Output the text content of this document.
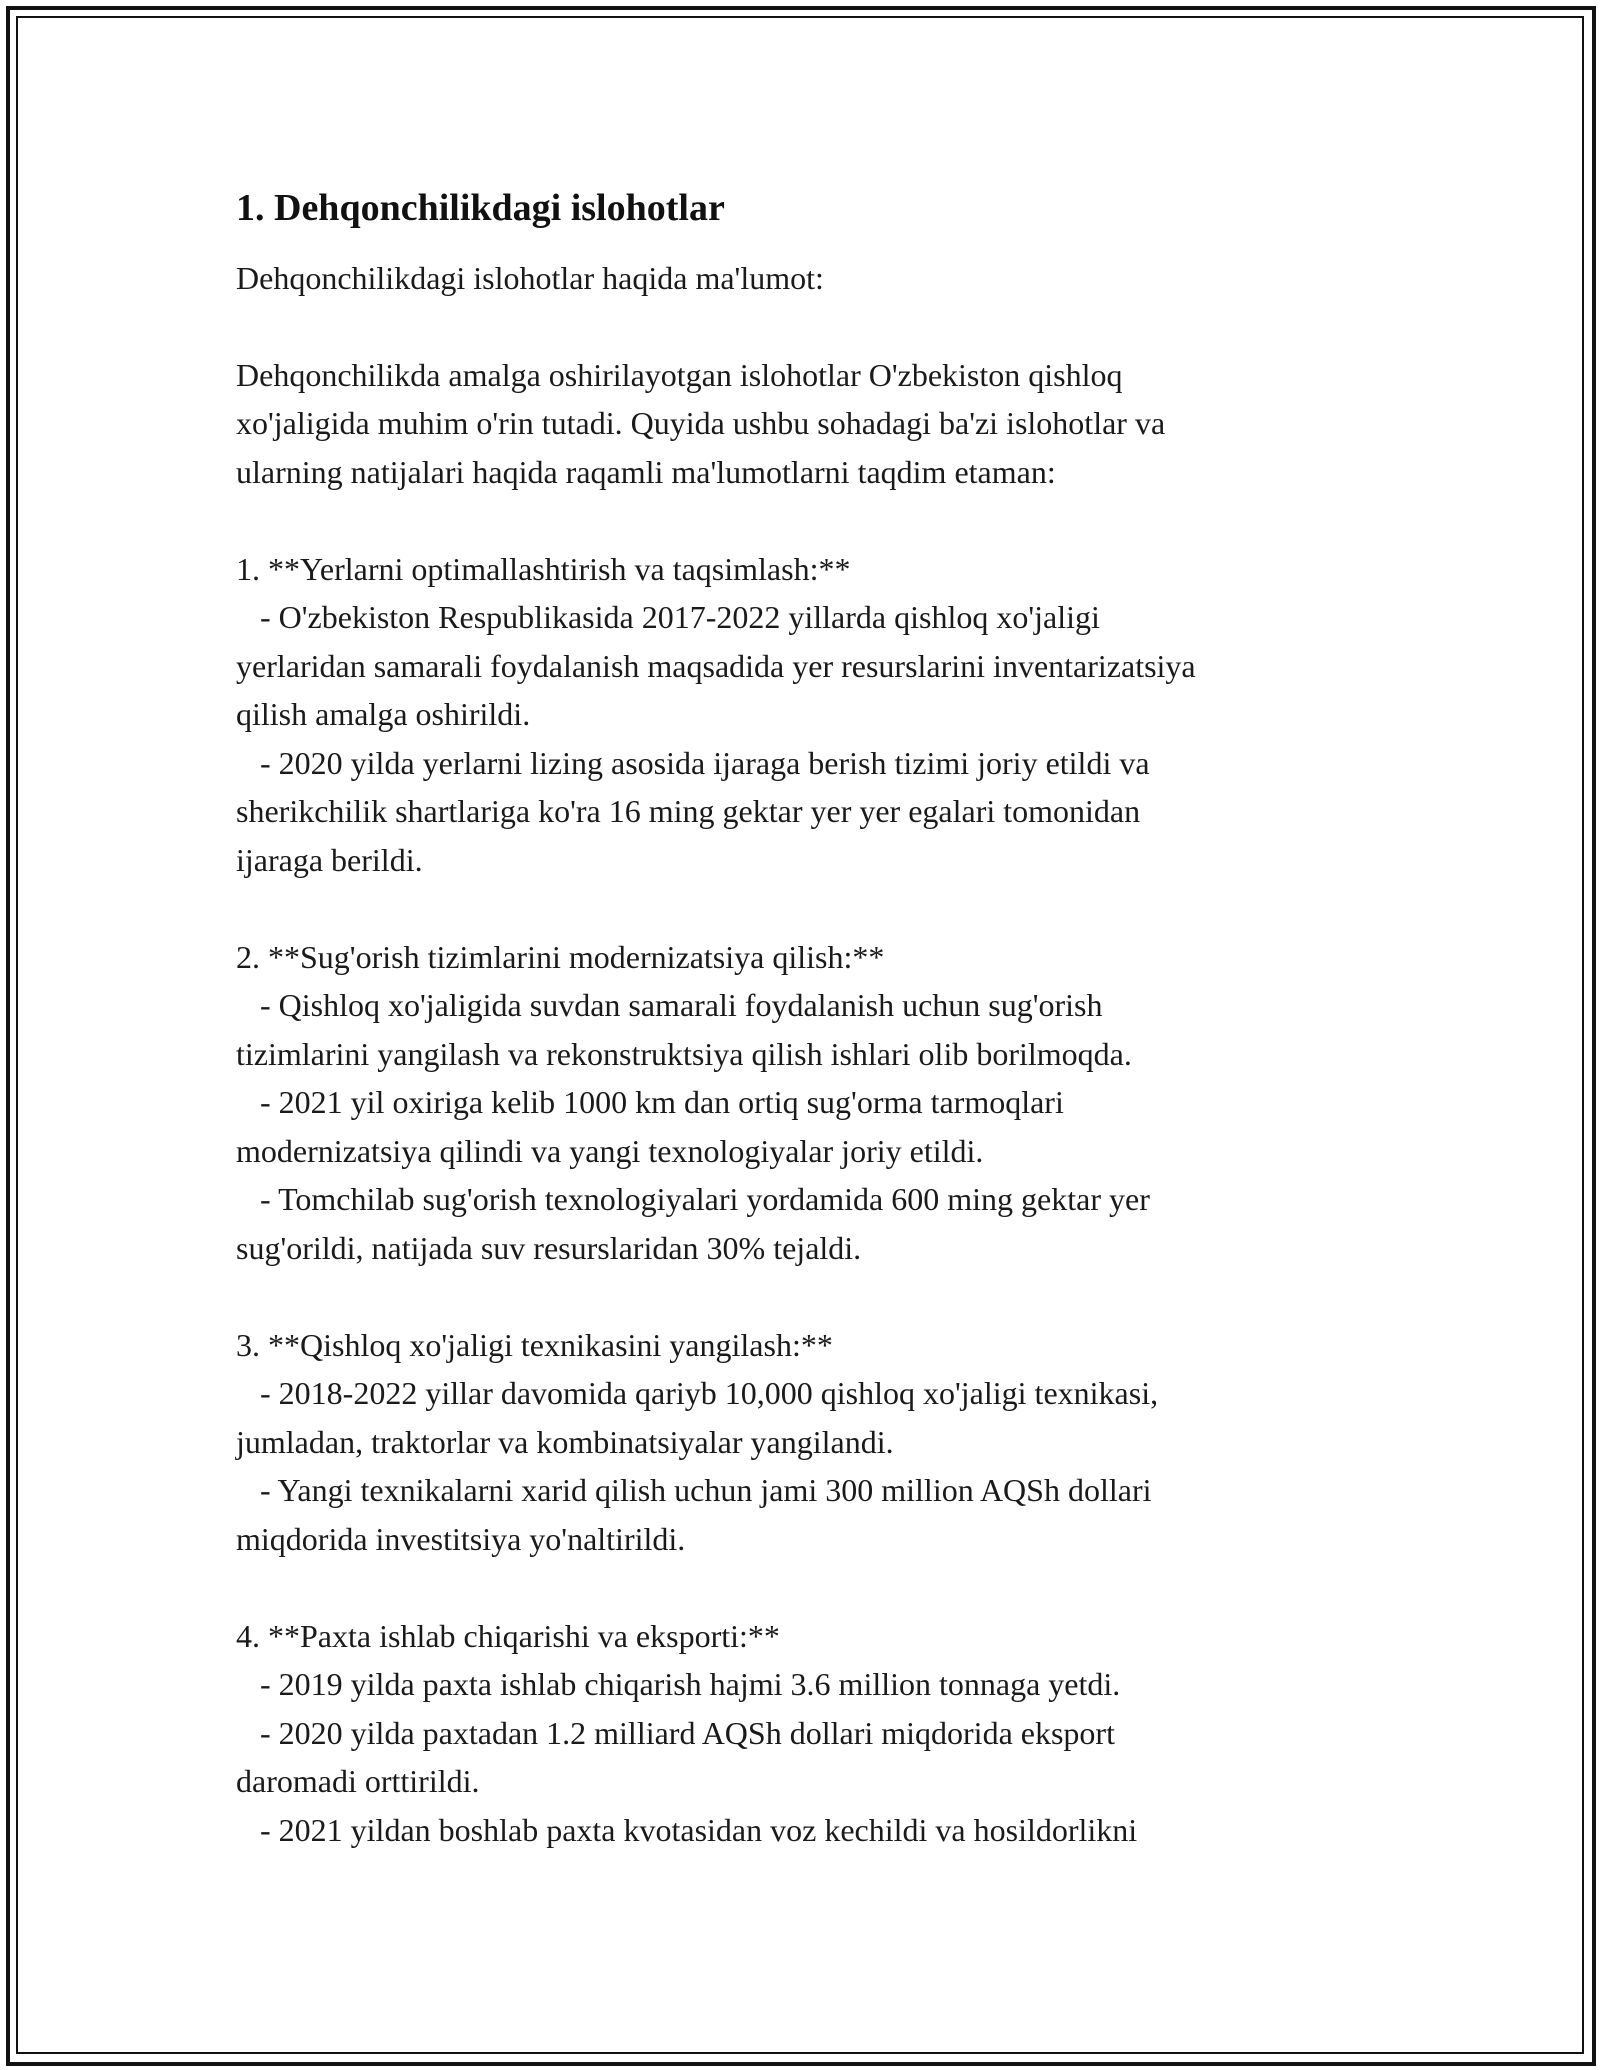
1. Dehqonchilikdagi islohotlar

Dehqonchilikdagi islohotlar haqida ma'lumot:

Dehqonchilikda amalga oshirilayotgan islohotlar O'zbekiston qishloq
xo'jaligida muhim o'rin tutadi. Quyida ushbu sohadagi ba'zi islohotlar va
ularning natijalari haqida raqamli ma'lumotlarni taqdim etaman:

1. **Yerlarni optimallashtirish va taqsimlash:**
- O'zbekiston Respublikasida 2017-2022 yillarda qishloq xo'jaligi
yerlaridan samarali foydalanish maqsadida yer resurslarini inventarizatsiya
qilish amalga oshirildi.
- 2020 yilda yerlarni lizing asosida ijaraga berish tizimi joriy etildi va
sherikchilik shartlariga ko'ra 16 ming gektar yer yer egalari tomonidan
ijaraga berildi.

2. **Sug'orish tizimlarini modernizatsiya qilish:**
- Qishloq xo'jaligida suvdan samarali foydalanish uchun sug'orish
tizimlarini yangilash va rekonstruktsiya qilish ishlari olib borilmoqda.
- 2021 yil oxiriga kelib 1000 km dan ortiq sug'orma tarmoqlari
modernizatsiya qilindi va yangi texnologiyalar joriy etildi.
- Tomchilab sug'orish texnologiyalari yordamida 600 ming gektar yer
sug'orildi, natijada suv resurslaridan 30% tejaldi.

3. **Qishloq xo'jaligi texnikasini yangilash:**
- 2018-2022 yillar davomida qariyb 10,000 qishloq xo'jaligi texnikasi,
jumladan, traktorlar va kombinatsiyalar yangilandi.
- Yangi texnikalarni xarid qilish uchun jami 300 million AQSh dollari
miqdorida investitsiya yo'naltirildi.

4. **Paxta ishlab chiqarishi va eksporti:**
- 2019 yilda paxta ishlab chiqarish hajmi 3.6 million tonnaga yetdi.
- 2020 yilda paxtadan 1.2 milliard AQSh dollari miqdorida eksport
daromadi orttirildi.
- 2021 yildan boshlab paxta kvotasidan voz kechildi va hosildorlikni
